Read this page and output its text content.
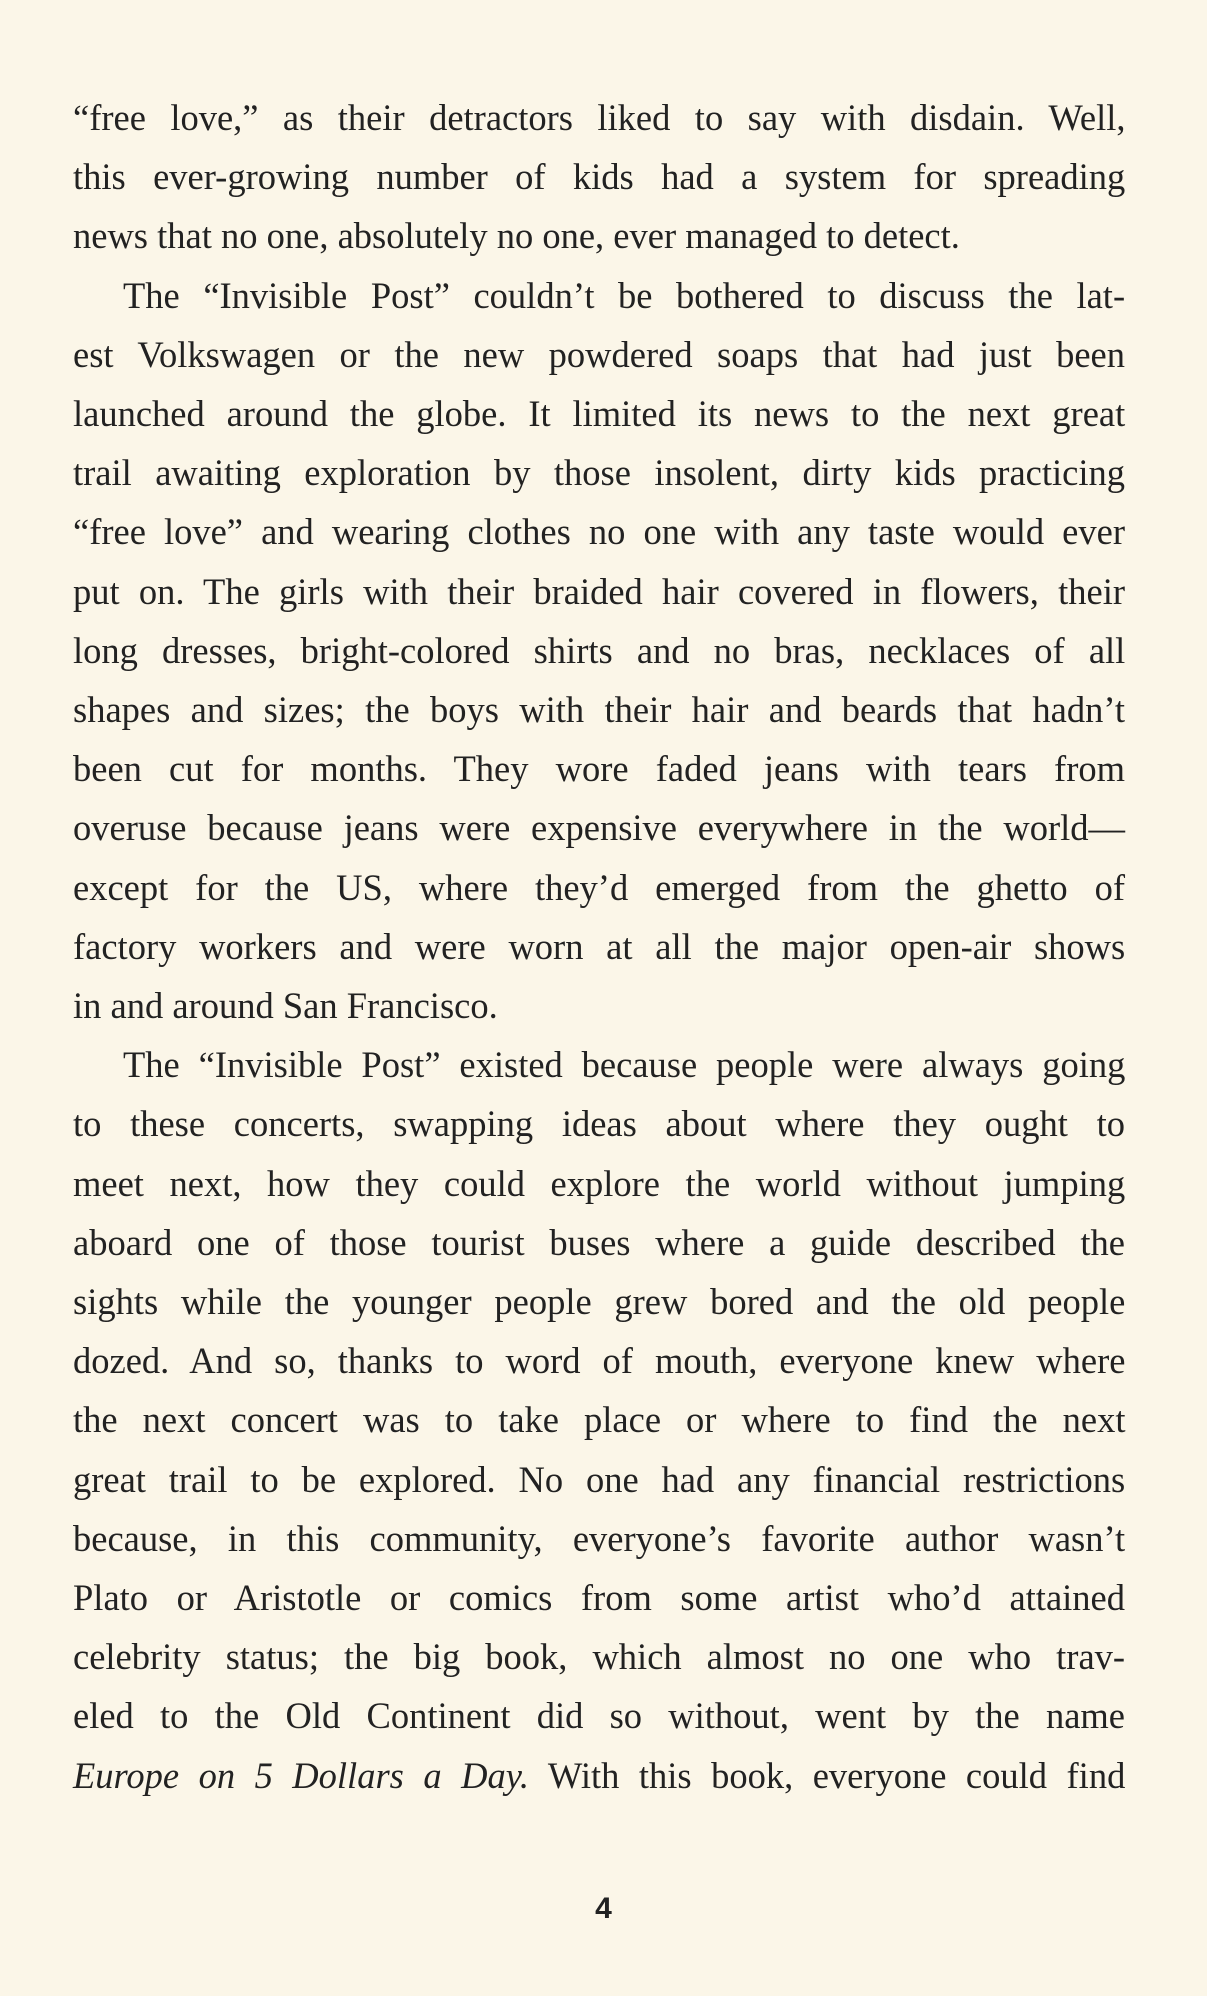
“free love,” as their detractors liked to say with disdain. Well,
this ever-growing number of kids had a system for spreading
news that no one, absolutely no one, ever managed to detect.

The “Invisible Post” couldn’t be bothered to discuss the lat-
est Volkswagen or the new powdered soaps that had just been
launched around the globe. It limited its news to the next great
trail awaiting exploration by those insolent, dirty kids practicing
“free love” and wearing clothes no one with any taste would ever
put on. The girls with their braided hair covered in flowers, their
long dresses, bright-colored shirts and no bras, necklaces of all
shapes and sizes; the boys with their hair and beards that hadn’t
been cut for months. They wore faded jeans with tears from
overuse because jeans were expensive everywhere in the world—
except for the US, where they’d emerged from the ghetto of
factory workers and were worn at all the major open-air shows
in and around San Francisco.

The “Invisible Post” existed because people were always going
to these concerts, swapping ideas about where they ought to
meet next, how they could explore the world without jumping
aboard one of those tourist buses where a guide described the
sights while the younger people grew bored and the old people
dozed. And so, thanks to word of mouth, everyone knew where
the next concert was to take place or where to find the next
great trail to be explored. No one had any financial restrictions
because, in this community, everyone’s favorite author wasn’t
Plato or Aristotle or comics from some artist who’d attained
celebrity status; the big book, which almost no one who trav-
eled to the Old Continent did so without, went by the name
Europe on 5 Dollars a Day. With this book, everyone could find

4
